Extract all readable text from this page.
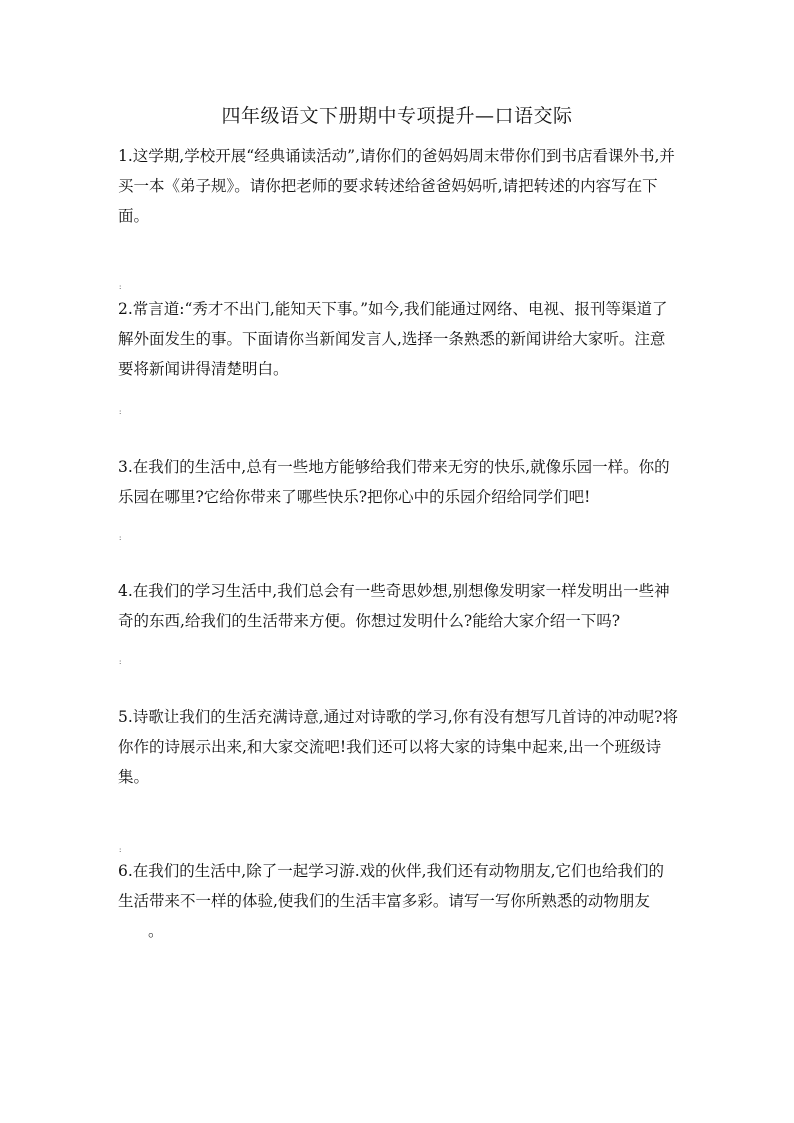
四年级语文下册期中专项提升—口语交际

1.这学期,学校开展“经典诵读活动”,请你们的爸妈妈周末带你们到书店看课外书,并买一本《弟子规》。请你把老师的要求转述给爸爸妈妈听,请把转述的内容写在下面。

:

2.常言道:“秀才不出门,能知天下事。”如今,我们能通过网络、电视、报刊等渠道了解外面发生的事。下面请你当新闻发言人,选择一条熟悉的新闻讲给大家听。注意要将新闻讲得清楚明白。

:

3.在我们的生活中,总有一些地方能够给我们带来无穷的快乐,就像乐园一样。你的乐园在哪里?它给你带来了哪些快乐?把你心中的乐园介绍给同学们吧!

:

4.在我们的学习生活中,我们总会有一些奇思妙想,别想像发明家一样发明出一些神奇的东西,给我们的生活带来方便。你想过发明什么?能给大家介绍一下吗?

:

5.诗歌让我们的生活充满诗意,通过对诗歌的学习,你有没有想写几首诗的冲动呢?将你作的诗展示出来,和大家交流吧!我们还可以将大家的诗集中起来,出一个班级诗集。

:

6.在我们的生活中,除了一起学习游.戏的伙伴,我们还有动物朋友,它们也给我们的生活带来不一样的体验,使我们的生活丰富多彩。请写一写你所熟悉的动物朋友。
